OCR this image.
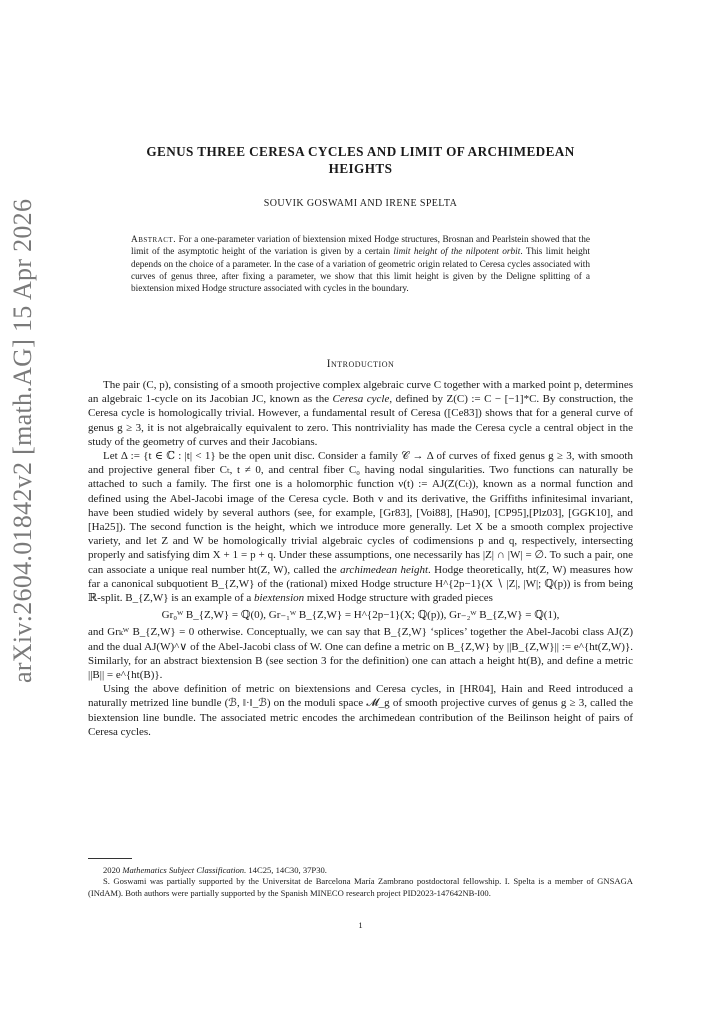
arXiv:2604.01842v2 [math.AG] 15 Apr 2026
GENUS THREE CERESA CYCLES AND LIMIT OF ARCHIMEDEAN
HEIGHTS
SOUVIK GOSWAMI AND IRENE SPELTA
Abstract. For a one-parameter variation of biextension mixed Hodge structures, Brosnan and Pearlstein showed that the limit of the asymptotic height of the variation is given by a certain limit height of the nilpotent orbit. This limit height depends on the choice of a parameter. In the case of a variation of geometric origin related to Ceresa cycles associated with curves of genus three, after fixing a parameter, we show that this limit height is given by the Deligne splitting of a biextension mixed Hodge structure associated with cycles in the boundary.
Introduction

The pair (C, p), consisting of a smooth projective complex algebraic curve C together with a marked point p, determines an algebraic 1-cycle on its Jacobian JC, known as the Ceresa cycle, defined by Z(C) := C − [−1]*C. By construction, the Ceresa cycle is homologically trivial. However, a fundamental result of Ceresa ([Ce83]) shows that for a general curve of genus g ≥ 3, it is not algebraically equivalent to zero. This nontriviality has made the Ceresa cycle a central object in the study of the geometry of curves and their Jacobians.

Let Δ := {t ∈ ℂ : |t| < 1} be the open unit disc. Consider a family 𝒞 → Δ of curves of fixed genus g ≥ 3, with smooth and projective general fiber Cₜ, t ≠ 0, and central fiber C₀ having nodal singularities. Two functions can naturally be attached to such a family. The first one is a holomorphic function ν(t) := AJ(Z(Cₜ)), known as a normal function and defined using the Abel-Jacobi image of the Ceresa cycle. Both ν and its derivative, the Griffiths infinitesimal invariant, have been studied widely by several authors (see, for example, [Gr83], [Voi88], [Ha90], [CP95],[Plz03], [GGK10], and [Ha25]). The second function is the height, which we introduce more generally. Let X be a smooth complex projective variety, and let Z and W be homologically trivial algebraic cycles of codimensions p and q, respectively, intersecting properly and satisfying dim X + 1 = p + q. Under these assumptions, one necessarily has |Z| ∩ |W| = ∅. To such a pair, one can associate a unique real number ht(Z, W), called the archimedean height. Hodge theoretically, ht(Z, W) measures how far a canonical subquotient B_{Z,W} of the (rational) mixed Hodge structure H^{2p−1}(X ∖ |Z|, |W|; ℚ(p)) is from being ℝ-split. B_{Z,W} is an example of a biextension mixed Hodge structure with graded pieces

Gr₀ᵂ B_{Z,W} = ℚ(0), Gr₋₁ᵂ B_{Z,W} = H^{2p−1}(X; ℚ(p)), Gr₋₂ᵂ B_{Z,W} = ℚ(1),

and Grₖᵂ B_{Z,W} = 0 otherwise. Conceptually, we can say that B_{Z,W} ‘splices’ together the Abel-Jacobi class AJ(Z) and the dual AJ(W)^∨ of the Abel-Jacobi class of W. One can define a metric on B_{Z,W} by ||B_{Z,W}|| := e^{ht(Z,W)}. Similarly, for an abstract biextension B (see section 3 for the definition) one can attach a height ht(B), and define a metric ||B|| = e^{ht(B)}.

Using the above definition of metric on biextensions and Ceresa cycles, in [HR04], Hain and Reed introduced a naturally metrized line bundle (ℬ, ‖·‖_ℬ) on the moduli space 𝓜_g of smooth projective curves of genus g ≥ 3, called the biextension line bundle. The associated metric encodes the archimedean contribution of the Beilinson height of pairs of Ceresa cycles.

2020 Mathematics Subject Classification. 14C25, 14C30, 37P30.

S. Goswami was partially supported by the Universitat de Barcelona María Zambrano postdoctoral fellowship. I. Spelta is a member of GNSAGA (INdAM). Both authors were partially supported by the Spanish MINECO research project PID2023-147642NB-I00.

1
